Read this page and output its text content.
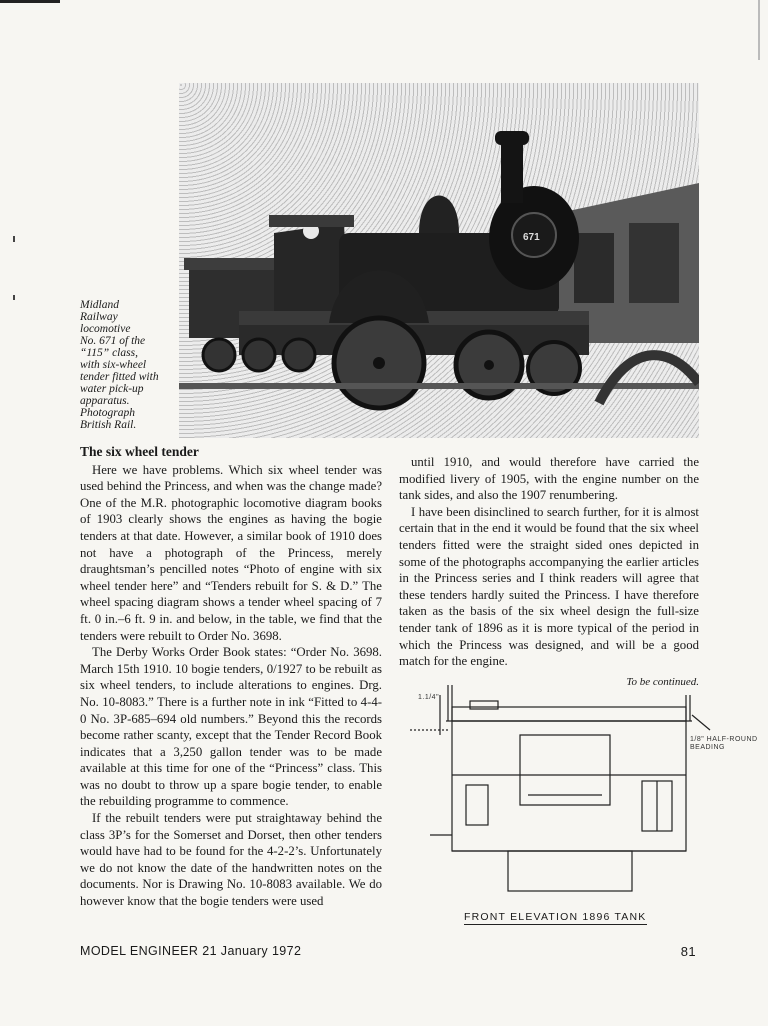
671
Midland
Railway
locomotive
No. 671 of the
“115” class,
with six-wheel
tender fitted with
water pick-up
apparatus.
Photograph
British Rail.

The six wheel tender

Here we have problems. Which six wheel tender was used behind the Princess, and when was the change made? One of the M.R. photographic locomotive diagram books of 1903 clearly shows the engines as having the bogie tenders at that date. However, a similar book of 1910 does not have a photograph of the Princess, merely draughtsman’s pencilled notes “Photo of engine with six wheel tender here” and “Tenders rebuilt for S. & D.” The wheel spacing diagram shows a tender wheel spacing of 7 ft. 0 in.–6 ft. 9 in. and below, in the table, we find that the tenders were rebuilt to Order No. 3698.

The Derby Works Order Book states: “Order No. 3698. March 15th 1910. 10 bogie tenders, 0/1927 to be rebuilt as six wheel tenders, to include alterations to engines. Drg. No. 10-8083.” There is a further note in ink “Fitted to 4-4-0 No. 3P-685–694 old numbers.” Beyond this the records become rather scanty, except that the Tender Record Book indicates that a 3,250 gallon tender was to be made available at this time for one of the “Princess” class. This was no doubt to throw up a spare bogie tender, to enable the rebuilding programme to commence.

If the rebuilt tenders were put straightaway behind the class 3P’s for the Somerset and Dorset, then other tenders would have had to be found for the 4-2-2’s. Unfortunately we do not know the date of the handwritten notes on the documents. Nor is Drawing No. 10-8083 available. We do however know that the bogie tenders were used

until 1910, and would therefore have carried the modified livery of 1905, with the engine number on the tank sides, and also the 1907 renumbering.

I have been disinclined to search further, for it is almost certain that in the end it would be found that the six wheel tenders fitted were the straight sided ones depicted in some of the photographs accompanying the earlier articles in the Princess series and I think readers will agree that these tenders hardly suited the Princess. I have therefore taken as the basis of the six wheel design the full-size tender tank of 1896 as it is more typical of the period in which the Princess was designed, and will be a good match for the engine.

To be continued.

1.1/4"
1/8" HALF-ROUND BEADING
FRONT ELEVATION 1896 TANK
MODEL ENGINEER 21 January 1972	81
